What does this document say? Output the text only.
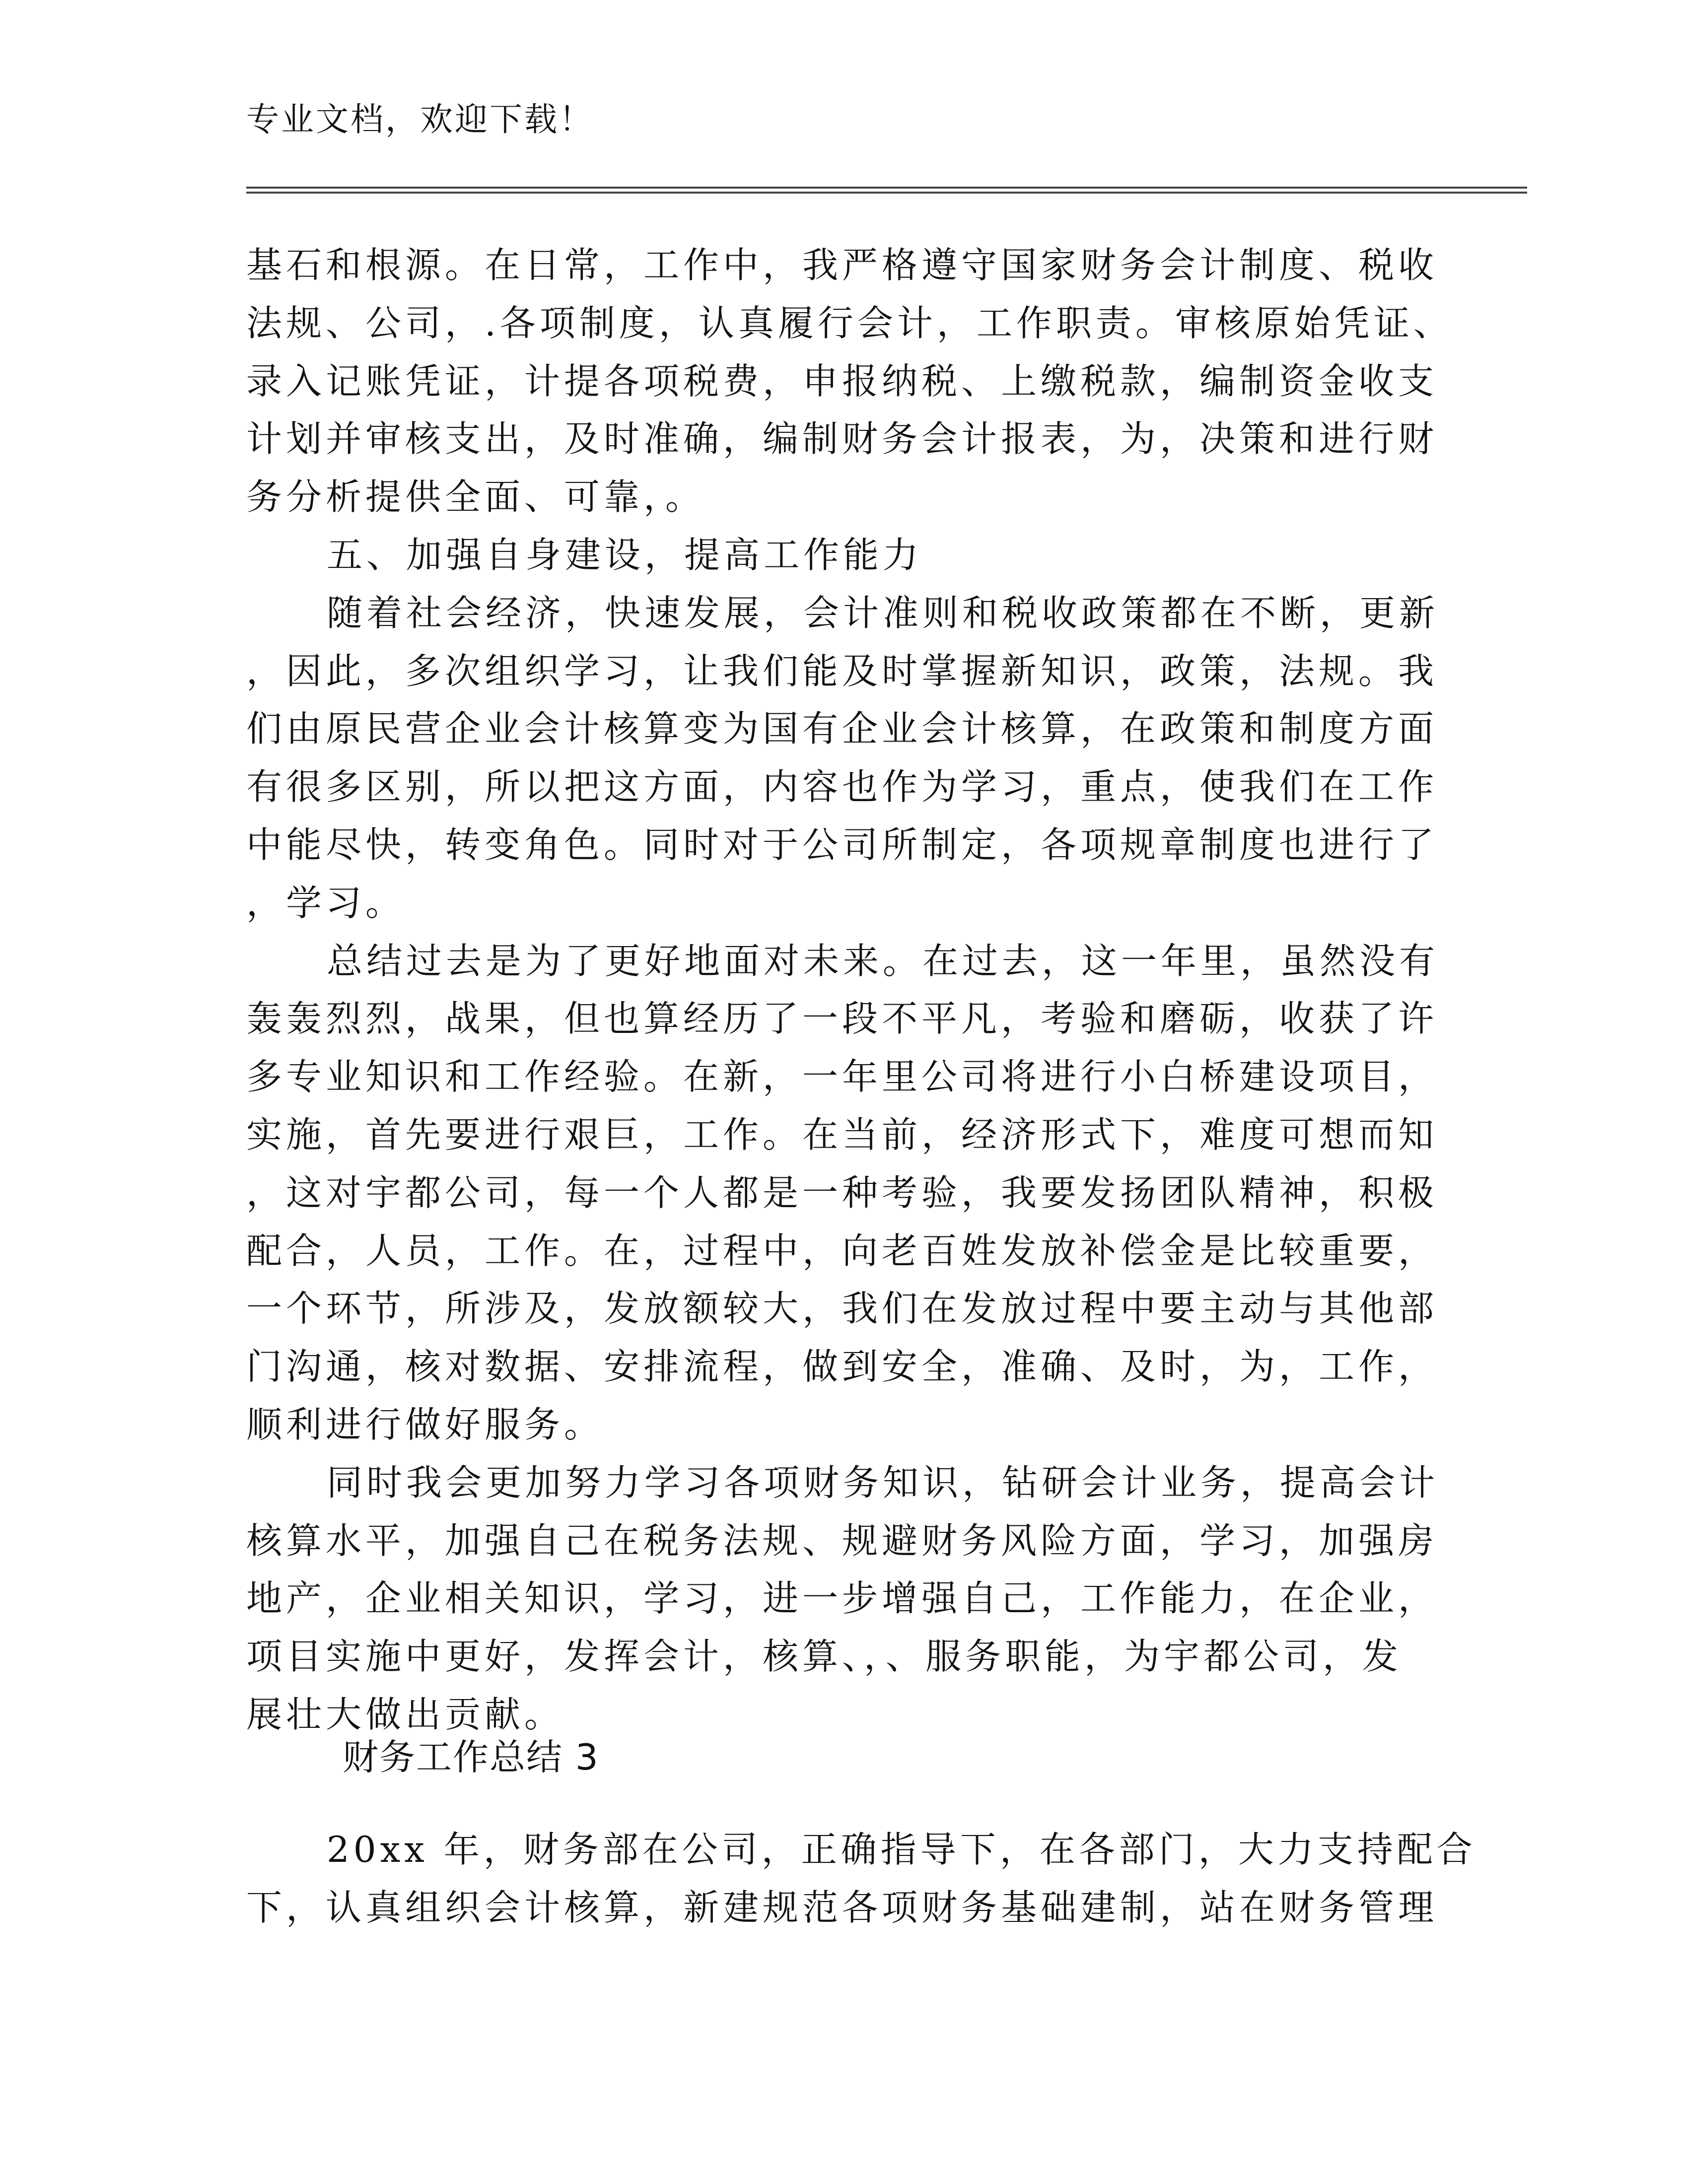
专业文档，欢迎下载！
基石和根源。在日常，工作中，我严格遵守国家财务会计制度、税收
法规、公司，.各项制度，认真履行会计，工作职责。审核原始凭证、
录入记账凭证，计提各项税费，申报纳税、上缴税款，编制资金收支
计划并审核支出，及时准确，编制财务会计报表，为，决策和进行财
务分析提供全面、可靠，。
五、加强自身建设，提高工作能力
随着社会经济，快速发展，会计准则和税收政策都在不断，更新
，因此，多次组织学习，让我们能及时掌握新知识，政策，法规。我
们由原民营企业会计核算变为国有企业会计核算，在政策和制度方面
有很多区别，所以把这方面，内容也作为学习，重点，使我们在工作
中能尽快，转变角色。同时对于公司所制定，各项规章制度也进行了
，学习。
总结过去是为了更好地面对未来。在过去，这一年里，虽然没有
轰轰烈烈，战果，但也算经历了一段不平凡，考验和磨砺，收获了许
多专业知识和工作经验。在新，一年里公司将进行小白桥建设项目，
实施，首先要进行艰巨，工作。在当前，经济形式下，难度可想而知
，这对宇都公司，每一个人都是一种考验，我要发扬团队精神，积极
配合，人员，工作。在，过程中，向老百姓发放补偿金是比较重要，
一个环节，所涉及，发放额较大，我们在发放过程中要主动与其他部
门沟通，核对数据、安排流程，做到安全，准确、及时，为，工作，
顺利进行做好服务。
同时我会更加努力学习各项财务知识，钻研会计业务，提高会计
核算水平，加强自己在税务法规、规避财务风险方面，学习，加强房
地产，企业相关知识，学习，进一步增强自己，工作能力，在企业，
项目实施中更好，发挥会计，核算、，、服务职能，为宇都公司，发
展壮大做出贡献。
财务工作总结 3
20xx 年，财务部在公司，正确指导下，在各部门，大力支持配合
下，认真组织会计核算，新建规范各项财务基础建制，站在财务管理
